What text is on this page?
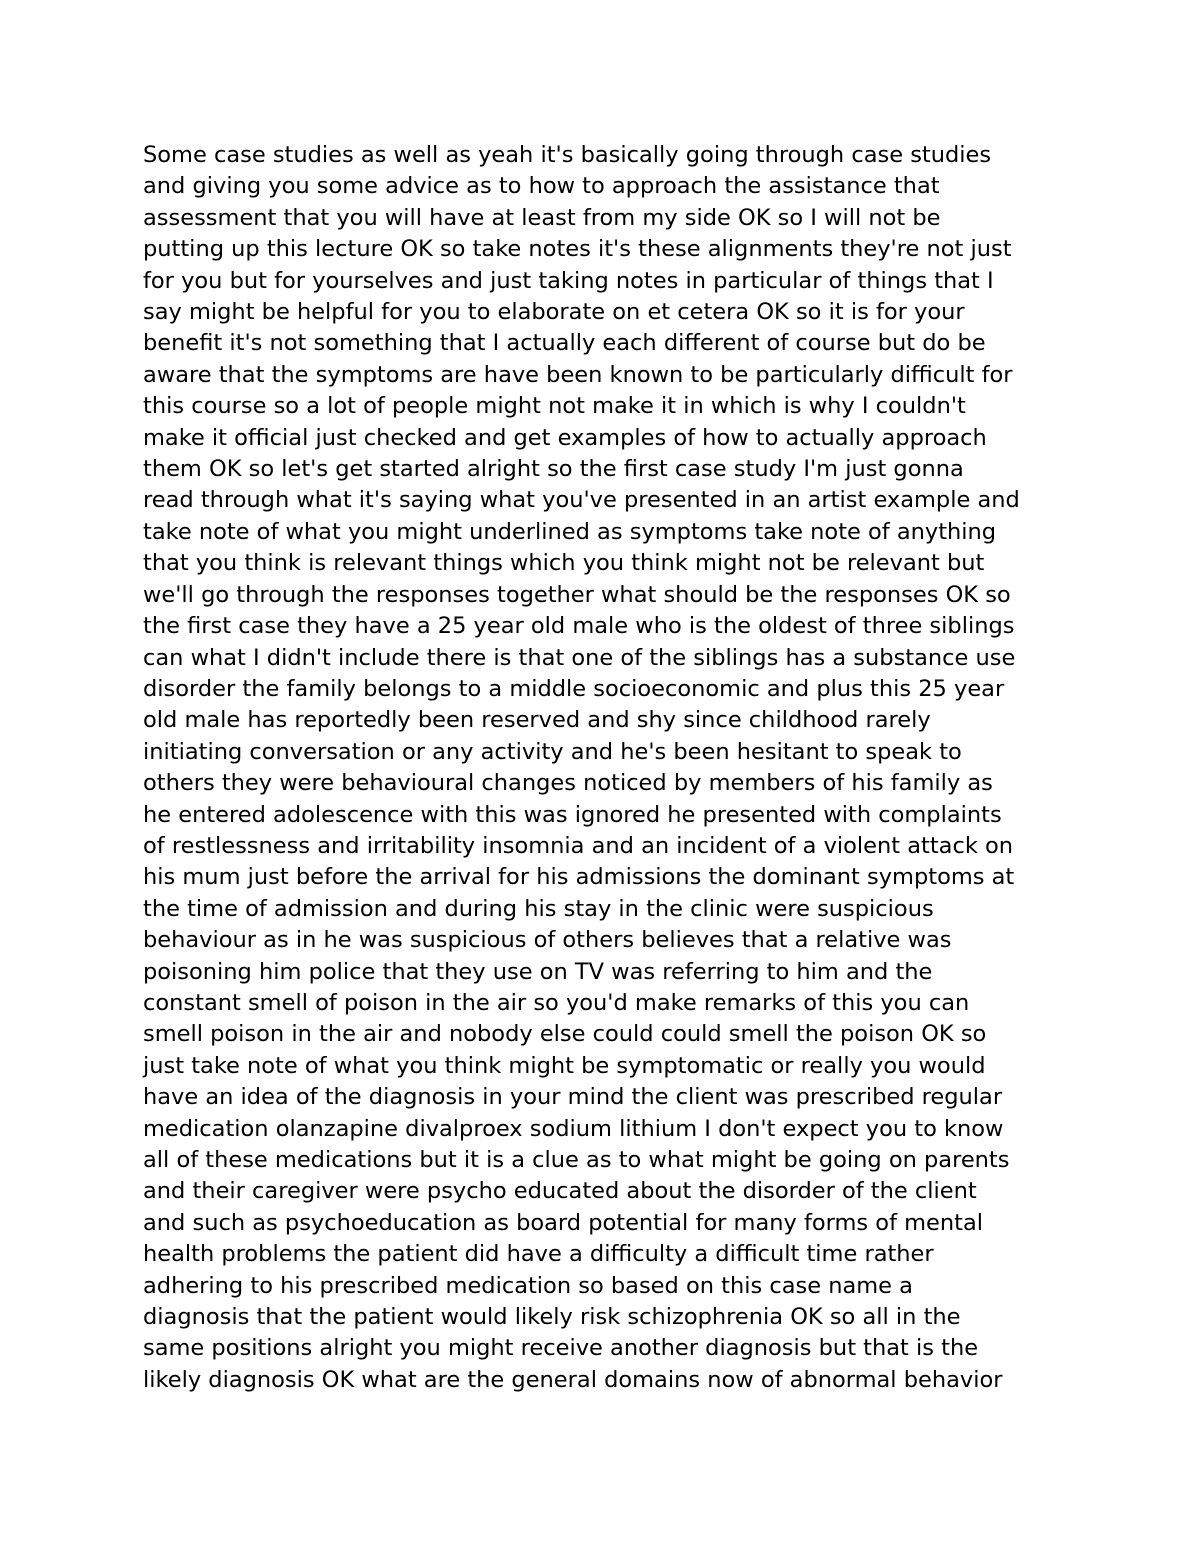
Some case studies as well as yeah it's basically going through case studies
and giving you some advice as to how to approach the assistance that
assessment that you will have at least from my side OK so I will not be
putting up this lecture OK so take notes it's these alignments they're not just
for you but for yourselves and just taking notes in particular of things that I
say might be helpful for you to elaborate on et cetera OK so it is for your
benefit it's not something that I actually each different of course but do be
aware that the symptoms are have been known to be particularly difficult for
this course so a lot of people might not make it in which is why I couldn't
make it official just checked and get examples of how to actually approach
them OK so let's get started alright so the first case study I'm just gonna
read through what it's saying what you've presented in an artist example and
take note of what you might underlined as symptoms take note of anything
that you think is relevant things which you think might not be relevant but
we'll go through the responses together what should be the responses OK so
the first case they have a 25 year old male who is the oldest of three siblings
can what I didn't include there is that one of the siblings has a substance use
disorder the family belongs to a middle socioeconomic and plus this 25 year
old male has reportedly been reserved and shy since childhood rarely
initiating conversation or any activity and he's been hesitant to speak to
others they were behavioural changes noticed by members of his family as
he entered adolescence with this was ignored he presented with complaints
of restlessness and irritability insomnia and an incident of a violent attack on
his mum just before the arrival for his admissions the dominant symptoms at
the time of admission and during his stay in the clinic were suspicious
behaviour as in he was suspicious of others believes that a relative was
poisoning him police that they use on TV was referring to him and the
constant smell of poison in the air so you'd make remarks of this you can
smell poison in the air and nobody else could could smell the poison OK so
just take note of what you think might be symptomatic or really you would
have an idea of the diagnosis in your mind the client was prescribed regular
medication olanzapine divalproex sodium lithium I don't expect you to know
all of these medications but it is a clue as to what might be going on parents
and their caregiver were psycho educated about the disorder of the client
and such as psychoeducation as board potential for many forms of mental
health problems the patient did have a difficulty a difficult time rather
adhering to his prescribed medication so based on this case name a
diagnosis that the patient would likely risk schizophrenia OK so all in the
same positions alright you might receive another diagnosis but that is the
likely diagnosis OK what are the general domains now of abnormal behavior
